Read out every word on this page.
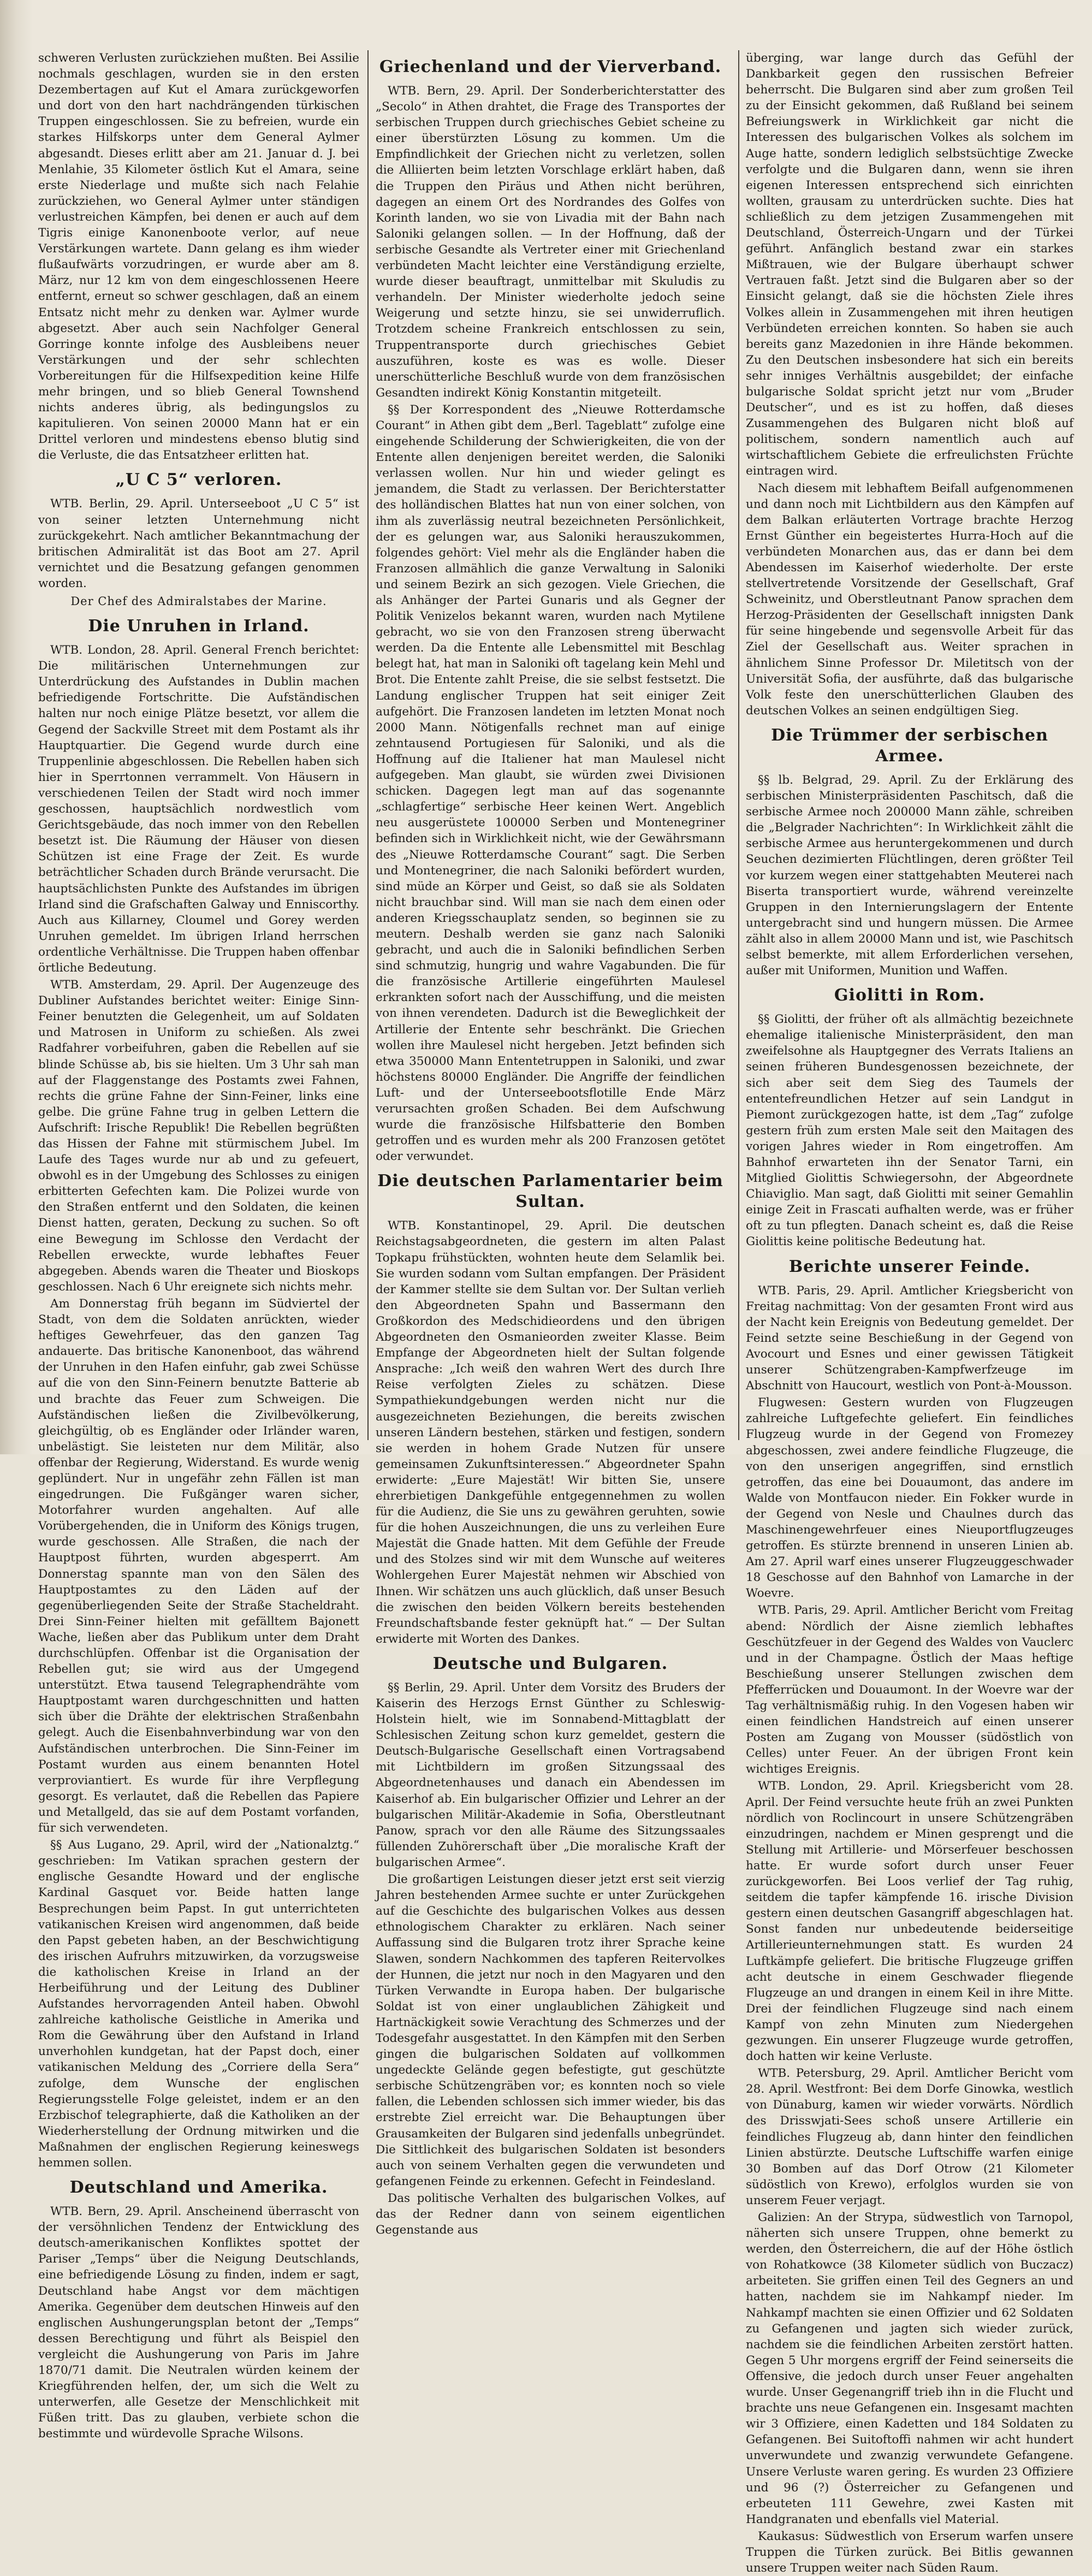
schweren Verlusten zurückziehen mußten. Bei Assilie nochmals geschlagen, wurden sie in den ersten Dezembertagen auf Kut el Amara zurückgeworfen und dort von den hart nachdrängenden türkischen Truppen eingeschlossen. Sie zu befreien, wurde ein starkes Hilfskorps unter dem General Aylmer abgesandt. Dieses erlitt aber am 21. Januar d. J. bei Menlahie, 35 Kilometer östlich Kut el Amara, seine erste Niederlage und mußte sich nach Felahie zurückziehen, wo General Aylmer unter ständigen verlustreichen Kämpfen, bei denen er auch auf dem Tigris einige Kanonenboote verlor, auf neue Verstärkungen wartete. Dann gelang es ihm wieder flußaufwärts vorzudringen, er wurde aber am 8. März, nur 12 km von dem eingeschlossenen Heere entfernt, erneut so schwer geschlagen, daß an einem Entsatz nicht mehr zu denken war. Aylmer wurde abgesetzt. Aber auch sein Nachfolger General Gorringe konnte infolge des Ausbleibens neuer Verstärkungen und der sehr schlechten Vorbereitungen für die Hilfsexpedition keine Hilfe mehr bringen, und so blieb General Townshend nichts anderes übrig, als bedingungslos zu kapitulieren. Von seinen 20000 Mann hat er ein Drittel verloren und mindestens ebenso blutig sind die Verluste, die das Entsatzheer erlitten hat.

„U C 5“ verloren.

WTB. Berlin, 29. April. Unterseeboot „U C 5“ ist von seiner letzten Unternehmung nicht zurückgekehrt. Nach amtlicher Bekanntmachung der britischen Admiralität ist das Boot am 27. April vernichtet und die Besatzung gefangen genommen worden.

Der Chef des Admiralstabes der Marine.
Die Unruhen in Irland.

WTB. London, 28. April. General French berichtet: Die militärischen Unternehmungen zur Unterdrückung des Aufstandes in Dublin machen befriedigende Fortschritte. Die Aufständischen halten nur noch einige Plätze besetzt, vor allem die Gegend der Sackville Street mit dem Postamt als ihr Hauptquartier. Die Gegend wurde durch eine Truppenlinie abgeschlossen. Die Rebellen haben sich hier in Sperrtonnen verrammelt. Von Häusern in verschiedenen Teilen der Stadt wird noch immer geschossen, hauptsächlich nordwestlich vom Gerichtsgebäude, das noch immer von den Rebellen besetzt ist. Die Räumung der Häuser von diesen Schützen ist eine Frage der Zeit. Es wurde beträchtlicher Schaden durch Brände verursacht. Die hauptsächlichsten Punkte des Aufstandes im übrigen Irland sind die Grafschaften Galway und Enniscorthy. Auch aus Killarney, Cloumel und Gorey werden Unruhen gemeldet. Im übrigen Irland herrschen ordentliche Verhältnisse. Die Truppen haben offenbar örtliche Bedeutung.

WTB. Amsterdam, 29. April. Der Augenzeuge des Dubliner Aufstandes berichtet weiter: Einige Sinn-Feiner benutzten die Gelegenheit, um auf Soldaten und Matrosen in Uniform zu schießen. Als zwei Radfahrer vorbeifuhren, gaben die Rebellen auf sie blinde Schüsse ab, bis sie hielten. Um 3 Uhr sah man auf der Flaggenstange des Postamts zwei Fahnen, rechts die grüne Fahne der Sinn-Feiner, links eine gelbe. Die grüne Fahne trug in gelben Lettern die Aufschrift: Irische Republik! Die Rebellen begrüßten das Hissen der Fahne mit stürmischem Jubel. Im Laufe des Tages wurde nur ab und zu gefeuert, obwohl es in der Umgebung des Schlosses zu einigen erbitterten Gefechten kam. Die Polizei wurde von den Straßen entfernt und den Soldaten, die keinen Dienst hatten, geraten, Deckung zu suchen. So oft eine Bewegung im Schlosse den Verdacht der Rebellen erweckte, wurde lebhaftes Feuer abgegeben. Abends waren die Theater und Bioskops geschlossen. Nach 6 Uhr ereignete sich nichts mehr.

Am Donnerstag früh begann im Südviertel der Stadt, von dem die Soldaten anrückten, wieder heftiges Gewehrfeuer, das den ganzen Tag andauerte. Das britische Kanonenboot, das während der Unruhen in den Hafen einfuhr, gab zwei Schüsse auf die von den Sinn-Feinern benutzte Batterie ab und brachte das Feuer zum Schweigen. Die Aufständischen ließen die Zivilbevölkerung, gleichgültig, ob es Engländer oder Irländer waren, unbelästigt. Sie leisteten nur dem Militär, also offenbar der Regierung, Widerstand. Es wurde wenig geplündert. Nur in ungefähr zehn Fällen ist man eingedrungen. Die Fußgänger waren sicher, Motorfahrer wurden angehalten. Auf alle Vorübergehenden, die in Uniform des Königs trugen, wurde geschossen. Alle Straßen, die nach der Hauptpost führten, wurden abgesperrt. Am Donnerstag spannte man von den Sälen des Hauptpostamtes zu den Läden auf der gegenüberliegenden Seite der Straße Stacheldraht. Drei Sinn-Feiner hielten mit gefälltem Bajonett Wache, ließen aber das Publikum unter dem Draht durchschlüpfen. Offenbar ist die Organisation der Rebellen gut; sie wird aus der Umgegend unterstützt. Etwa tausend Telegraphendrähte vom Hauptpostamt waren durchgeschnitten und hatten sich über die Drähte der elektrischen Straßenbahn gelegt. Auch die Eisenbahnverbindung war von den Aufständischen unterbrochen. Die Sinn-Feiner im Postamt wurden aus einem benannten Hotel verproviantiert. Es wurde für ihre Verpflegung gesorgt. Es verlautet, daß die Rebellen das Papiere und Metallgeld, das sie auf dem Postamt vorfanden, für sich verwendeten.

§§ Aus Lugano, 29. April, wird der „Nationalztg.“ geschrieben: Im Vatikan sprachen gestern der englische Gesandte Howard und der englische Kardinal Gasquet vor. Beide hatten lange Besprechungen beim Papst. In gut unterrichteten vatikanischen Kreisen wird angenommen, daß beide den Papst gebeten haben, an der Beschwichtigung des irischen Aufruhrs mitzuwirken, da vorzugsweise die katholischen Kreise in Irland an der Herbeiführung und der Leitung des Dubliner Aufstandes hervorragenden Anteil haben. Obwohl zahlreiche katholische Geistliche in Amerika und Rom die Gewährung über den Aufstand in Irland unverhohlen kundgetan, hat der Papst doch, einer vatikanischen Meldung des „Corriere della Sera“ zufolge, dem Wunsche der englischen Regierungsstelle Folge geleistet, indem er an den Erzbischof telegraphierte, daß die Katholiken an der Wiederherstellung der Ordnung mitwirken und die Maßnahmen der englischen Regierung keineswegs hemmen sollen.

Deutschland und Amerika.

WTB. Bern, 29. April. Anscheinend überrascht von der versöhnlichen Tendenz der Entwicklung des deutsch-amerikanischen Konfliktes spottet der Pariser „Temps“ über die Neigung Deutschlands, eine befriedigende Lösung zu finden, indem er sagt, Deutschland habe Angst vor dem mächtigen Amerika. Gegenüber dem deutschen Hinweis auf den englischen Aushungerungsplan betont der „Temps“ dessen Berechtigung und führt als Beispiel den vergleicht die Aushungerung von Paris im Jahre 1870/71 damit. Die Neutralen würden keinem der Kriegführenden helfen, der, um sich die Welt zu unterwerfen, alle Gesetze der Menschlichkeit mit Füßen tritt. Das zu glauben, verbiete schon die bestimmte und würdevolle Sprache Wilsons.

Griechenland und der Vierverband.

WTB. Bern, 29. April. Der Sonderberichterstatter des „Secolo“ in Athen drahtet, die Frage des Transportes der serbischen Truppen durch griechisches Gebiet scheine zu einer überstürzten Lösung zu kommen. Um die Empfindlichkeit der Griechen nicht zu verletzen, sollen die Alliierten beim letzten Vorschlage erklärt haben, daß die Truppen den Piräus und Athen nicht berühren, dagegen an einem Ort des Nordrandes des Golfes von Korinth landen, wo sie von Livadia mit der Bahn nach Saloniki gelangen sollen. — In der Hoffnung, daß der serbische Gesandte als Vertreter einer mit Griechenland verbündeten Macht leichter eine Verständigung erzielte, wurde dieser beauftragt, unmittelbar mit Skuludis zu verhandeln. Der Minister wiederholte jedoch seine Weigerung und setzte hinzu, sie sei unwiderruflich. Trotzdem scheine Frankreich entschlossen zu sein, Truppentransporte durch griechisches Gebiet auszuführen, koste es was es wolle. Dieser unerschütterliche Beschluß wurde von dem französischen Gesandten indirekt König Konstantin mitgeteilt.

§§ Der Korrespondent des „Nieuwe Rotterdamsche Courant“ in Athen gibt dem „Berl. Tageblatt“ zufolge eine eingehende Schilderung der Schwierigkeiten, die von der Entente allen denjenigen bereitet werden, die Saloniki verlassen wollen. Nur hin und wieder gelingt es jemandem, die Stadt zu verlassen. Der Berichterstatter des holländischen Blattes hat nun von einer solchen, von ihm als zuverlässig neutral bezeichneten Persönlichkeit, der es gelungen war, aus Saloniki herauszukommen, folgendes gehört: Viel mehr als die Engländer haben die Franzosen allmählich die ganze Verwaltung in Saloniki und seinem Bezirk an sich gezogen. Viele Griechen, die als Anhänger der Partei Gunaris und als Gegner der Politik Venizelos bekannt waren, wurden nach Mytilene gebracht, wo sie von den Franzosen streng überwacht werden. Da die Entente alle Lebensmittel mit Beschlag belegt hat, hat man in Saloniki oft tagelang kein Mehl und Brot. Die Entente zahlt Preise, die sie selbst festsetzt. Die Landung englischer Truppen hat seit einiger Zeit aufgehört. Die Franzosen landeten im letzten Monat noch 2000 Mann. Nötigenfalls rechnet man auf einige zehntausend Portugiesen für Saloniki, und als die Hoffnung auf die Italiener hat man Maulesel nicht aufgegeben. Man glaubt, sie würden zwei Divisionen schicken. Dagegen legt man auf das sogenannte „schlagfertige“ serbische Heer keinen Wert. Angeblich neu ausgerüstete 100000 Serben und Montenegriner befinden sich in Wirklichkeit nicht, wie der Gewährsmann des „Nieuwe Rotterdamsche Courant“ sagt. Die Serben und Montenegriner, die nach Saloniki befördert wurden, sind müde an Körper und Geist, so daß sie als Soldaten nicht brauchbar sind. Will man sie nach dem einen oder anderen Kriegsschauplatz senden, so beginnen sie zu meutern. Deshalb werden sie ganz nach Saloniki gebracht, und auch die in Saloniki befindlichen Serben sind schmutzig, hungrig und wahre Vagabunden. Die für die französische Artillerie eingeführten Maulesel erkrankten sofort nach der Ausschiffung, und die meisten von ihnen verendeten. Dadurch ist die Beweglichkeit der Artillerie der Entente sehr beschränkt. Die Griechen wollen ihre Maulesel nicht hergeben. Jetzt befinden sich etwa 350000 Mann Ententetruppen in Saloniki, und zwar höchstens 80000 Engländer. Die Angriffe der feindlichen Luft- und der Unterseebootsflotille Ende März verursachten großen Schaden. Bei dem Aufschwung wurde die französische Hilfsbatterie den Bomben getroffen und es wurden mehr als 200 Franzosen getötet oder verwundet.

Die deutschen Parlamentarier beim Sultan.

WTB. Konstantinopel, 29. April. Die deutschen Reichstagsabgeordneten, die gestern im alten Palast Topkapu frühstückten, wohnten heute dem Selamlik bei. Sie wurden sodann vom Sultan empfangen. Der Präsident der Kammer stellte sie dem Sultan vor. Der Sultan verlieh den Abgeordneten Spahn und Bassermann den Großkordon des Medschidieordens und den übrigen Abgeordneten den Osmanieorden zweiter Klasse. Beim Empfange der Abgeordneten hielt der Sultan folgende Ansprache: „Ich weiß den wahren Wert des durch Ihre Reise verfolgten Zieles zu schätzen. Diese Sympathiekundgebungen werden nicht nur die ausgezeichneten Beziehungen, die bereits zwischen unseren Ländern bestehen, stärken und festigen, sondern sie werden in hohem Grade Nutzen für unsere gemeinsamen Zukunftsinteressen.“ Abgeordneter Spahn erwiderte: „Eure Majestät! Wir bitten Sie, unsere ehrerbietigen Dankgefühle entgegennehmen zu wollen für die Audienz, die Sie uns zu gewähren geruhten, sowie für die hohen Auszeichnungen, die uns zu verleihen Eure Majestät die Gnade hatten. Mit dem Gefühle der Freude und des Stolzes sind wir mit dem Wunsche auf weiteres Wohlergehen Eurer Majestät nehmen wir Abschied von Ihnen. Wir schätzen uns auch glücklich, daß unser Besuch die zwischen den beiden Völkern bereits bestehenden Freundschaftsbande fester geknüpft hat.“ — Der Sultan erwiderte mit Worten des Dankes.

Deutsche und Bulgaren.

§§ Berlin, 29. April. Unter dem Vorsitz des Bruders der Kaiserin des Herzogs Ernst Günther zu Schleswig-Holstein hielt, wie im Sonnabend-Mittagblatt der Schlesischen Zeitung schon kurz gemeldet, gestern die Deutsch-Bulgarische Gesellschaft einen Vortragsabend mit Lichtbildern im großen Sitzungssaal des Abgeordnetenhauses und danach ein Abendessen im Kaiserhof ab. Ein bulgarischer Offizier und Lehrer an der bulgarischen Militär-Akademie in Sofia, Oberstleutnant Panow, sprach vor den alle Räume des Sitzungssaales füllenden Zuhörerschaft über „Die moralische Kraft der bulgarischen Armee“.

Die großartigen Leistungen dieser jetzt erst seit vierzig Jahren bestehenden Armee suchte er unter Zurückgehen auf die Geschichte des bulgarischen Volkes aus dessen ethnologischem Charakter zu erklären. Nach seiner Auffassung sind die Bulgaren trotz ihrer Sprache keine Slawen, sondern Nachkommen des tapferen Reitervolkes der Hunnen, die jetzt nur noch in den Magyaren und den Türken Verwandte in Europa haben. Der bulgarische Soldat ist von einer unglaublichen Zähigkeit und Hartnäckigkeit sowie Verachtung des Schmerzes und der Todesgefahr ausgestattet. In den Kämpfen mit den Serben gingen die bulgarischen Soldaten auf vollkommen ungedeckte Gelände gegen befestigte, gut geschützte serbische Schützengräben vor; es konnten noch so viele fallen, die Lebenden schlossen sich immer wieder, bis das erstrebte Ziel erreicht war. Die Behauptungen über Grausamkeiten der Bulgaren sind jedenfalls unbegründet. Die Sittlichkeit des bulgarischen Soldaten ist besonders auch von seinem Verhalten gegen die verwundeten und gefangenen Feinde zu erkennen. Gefecht in Feindesland.

Das politische Verhalten des bulgarischen Volkes, auf das der Redner dann von seinem eigentlichen Gegenstande aus

überging, war lange durch das Gefühl der Dankbarkeit gegen den russischen Befreier beherrscht. Die Bulgaren sind aber zum großen Teil zu der Einsicht gekommen, daß Rußland bei seinem Befreiungswerk in Wirklichkeit gar nicht die Interessen des bulgarischen Volkes als solchem im Auge hatte, sondern lediglich selbstsüchtige Zwecke verfolgte und die Bulgaren dann, wenn sie ihren eigenen Interessen entsprechend sich einrichten wollten, grausam zu unterdrücken suchte. Dies hat schließlich zu dem jetzigen Zusammengehen mit Deutschland, Österreich-Ungarn und der Türkei geführt. Anfänglich bestand zwar ein starkes Mißtrauen, wie der Bulgare überhaupt schwer Vertrauen faßt. Jetzt sind die Bulgaren aber so der Einsicht gelangt, daß sie die höchsten Ziele ihres Volkes allein in Zusammengehen mit ihren heutigen Verbündeten erreichen konnten. So haben sie auch bereits ganz Mazedonien in ihre Hände bekommen. Zu den Deutschen insbesondere hat sich ein bereits sehr inniges Verhältnis ausgebildet; der einfache bulgarische Soldat spricht jetzt nur vom „Bruder Deutscher“, und es ist zu hoffen, daß dieses Zusammengehen des Bulgaren nicht bloß auf politischem, sondern namentlich auch auf wirtschaftlichem Gebiete die erfreulichsten Früchte eintragen wird.

Nach diesem mit lebhaftem Beifall aufgenommenen und dann noch mit Lichtbildern aus den Kämpfen auf dem Balkan erläuterten Vortrage brachte Herzog Ernst Günther ein begeistertes Hurra-Hoch auf die verbündeten Monarchen aus, das er dann bei dem Abendessen im Kaiserhof wiederholte. Der erste stellvertretende Vorsitzende der Gesellschaft, Graf Schweinitz, und Oberstleutnant Panow sprachen dem Herzog-Präsidenten der Gesellschaft innigsten Dank für seine hingebende und segensvolle Arbeit für das Ziel der Gesellschaft aus. Weiter sprachen in ähnlichem Sinne Professor Dr. Miletitsch von der Universität Sofia, der ausführte, daß das bulgarische Volk feste den unerschütterlichen Glauben des deutschen Volkes an seinen endgültigen Sieg.

Die Trümmer der serbischen Armee.

§§ lb. Belgrad, 29. April. Zu der Erklärung des serbischen Ministerpräsidenten Paschitsch, daß die serbische Armee noch 200000 Mann zähle, schreiben die „Belgrader Nachrichten“: In Wirklichkeit zählt die serbische Armee aus heruntergekommenen und durch Seuchen dezimierten Flüchtlingen, deren größter Teil vor kurzem wegen einer stattgehabten Meuterei nach Biserta transportiert wurde, während vereinzelte Gruppen in den Internierungslagern der Entente untergebracht sind und hungern müssen. Die Armee zählt also in allem 20000 Mann und ist, wie Paschitsch selbst bemerkte, mit allem Erforderlichen versehen, außer mit Uniformen, Munition und Waffen.

Giolitti in Rom.

§§ Giolitti, der früher oft als allmächtig bezeichnete ehemalige italienische Ministerpräsident, den man zweifelsohne als Hauptgegner des Verrats Italiens an seinen früheren Bundesgenossen bezeichnete, der sich aber seit dem Sieg des Taumels der ententefreundlichen Hetzer auf sein Landgut in Piemont zurückgezogen hatte, ist dem „Tag“ zufolge gestern früh zum ersten Male seit den Maitagen des vorigen Jahres wieder in Rom eingetroffen. Am Bahnhof erwarteten ihn der Senator Tarni, ein Mitglied Giolittis Schwiegersohn, der Abgeordnete Chiaviglio. Man sagt, daß Giolitti mit seiner Gemahlin einige Zeit in Frascati aufhalten werde, was er früher oft zu tun pflegten. Danach scheint es, daß die Reise Giolittis keine politische Bedeutung hat.

Berichte unserer Feinde.

WTB. Paris, 29. April. Amtlicher Kriegsbericht von Freitag nachmittag: Von der gesamten Front wird aus der Nacht kein Ereignis von Bedeutung gemeldet. Der Feind setzte seine Beschießung in der Gegend von Avocourt und Esnes und einer gewissen Tätigkeit unserer Schützengraben-Kampfwerfzeuge im Abschnitt von Haucourt, westlich von Pont-à-Mousson.

Flugwesen: Gestern wurden von Flugzeugen zahlreiche Luftgefechte geliefert. Ein feindliches Flugzeug wurde in der Gegend von Fromezey abgeschossen, zwei andere feindliche Flugzeuge, die von den unserigen angegriffen, sind ernstlich getroffen, das eine bei Douaumont, das andere im Walde von Montfaucon nieder. Ein Fokker wurde in der Gegend von Nesle und Chaulnes durch das Maschinengewehrfeuer eines Nieuportflugzeuges getroffen. Es stürzte brennend in unseren Linien ab. Am 27. April warf eines unserer Flugzeuggeschwader 18 Geschosse auf den Bahnhof von Lamarche in der Woevre.

WTB. Paris, 29. April. Amtlicher Bericht vom Freitag abend: Nördlich der Aisne ziemlich lebhaftes Geschützfeuer in der Gegend des Waldes von Vauclerc und in der Champagne. Östlich der Maas heftige Beschießung unserer Stellungen zwischen dem Pfefferrücken und Douaumont. In der Woevre war der Tag verhältnismäßig ruhig. In den Vogesen haben wir einen feindlichen Handstreich auf einen unserer Posten am Zugang von Mousser (südöstlich von Celles) unter Feuer. An der übrigen Front kein wichtiges Ereignis.

WTB. London, 29. April. Kriegsbericht vom 28. April. Der Feind versuchte heute früh an zwei Punkten nördlich von Roclincourt in unsere Schützengräben einzudringen, nachdem er Minen gesprengt und die Stellung mit Artillerie- und Mörserfeuer beschossen hatte. Er wurde sofort durch unser Feuer zurückgeworfen. Bei Loos verlief der Tag ruhig, seitdem die tapfer kämpfende 16. irische Division gestern einen deutschen Gasangriff abgeschlagen hat. Sonst fanden nur unbedeutende beiderseitige Artillerieunternehmungen statt. Es wurden 24 Luftkämpfe geliefert. Die britische Flugzeuge griffen acht deutsche in einem Geschwader fliegende Flugzeuge an und drangen in einem Keil in ihre Mitte. Drei der feindlichen Flugzeuge sind nach einem Kampf von zehn Minuten zum Niedergehen gezwungen. Ein unserer Flugzeuge wurde getroffen, doch hatten wir keine Verluste.

WTB. Petersburg, 29. April. Amtlicher Bericht vom 28. April. Westfront: Bei dem Dorfe Ginowka, westlich von Dünaburg, kamen wir wieder vorwärts. Nördlich des Drisswjati-Sees schoß unsere Artillerie ein feindliches Flugzeug ab, dann hinter den feindlichen Linien abstürzte. Deutsche Luftschiffe warfen einige 30 Bomben auf das Dorf Otrow (21 Kilometer südöstlich von Krewo), erfolglos wurden sie von unserem Feuer verjagt.

Galizien: An der Strypa, südwestlich von Tarnopol, näherten sich unsere Truppen, ohne bemerkt zu werden, den Österreichern, die auf der Höhe östlich von Rohatkowce (38 Kilometer südlich von Buczacz) arbeiteten. Sie griffen einen Teil des Gegners an und hatten, nachdem sie im Nahkampf nieder. Im Nahkampf machten sie einen Offizier und 62 Soldaten zu Gefangenen und jagten sich wieder zurück, nachdem sie die feindlichen Arbeiten zerstört hatten. Gegen 5 Uhr morgens ergriff der Feind seinerseits die Offensive, die jedoch durch unser Feuer angehalten wurde. Unser Gegenangriff trieb ihn in die Flucht und brachte uns neue Gefangenen ein. Insgesamt machten wir 3 Offiziere, einen Kadetten und 184 Soldaten zu Gefangenen. Bei Suitoftoffi nahmen wir acht hundert unverwundete und zwanzig verwundete Gefangene. Unsere Verluste waren gering. Es wurden 23 Offiziere und 96 (?) Österreicher zu Gefangenen und erbeuteten 111 Gewehre, zwei Kasten mit Handgranaten und ebenfalls viel Material.

Kaukasus: Südwestlich von Erserum warfen unsere Truppen die Türken zurück. Bei Bitlis gewannen unsere Truppen weiter nach Süden Raum.
